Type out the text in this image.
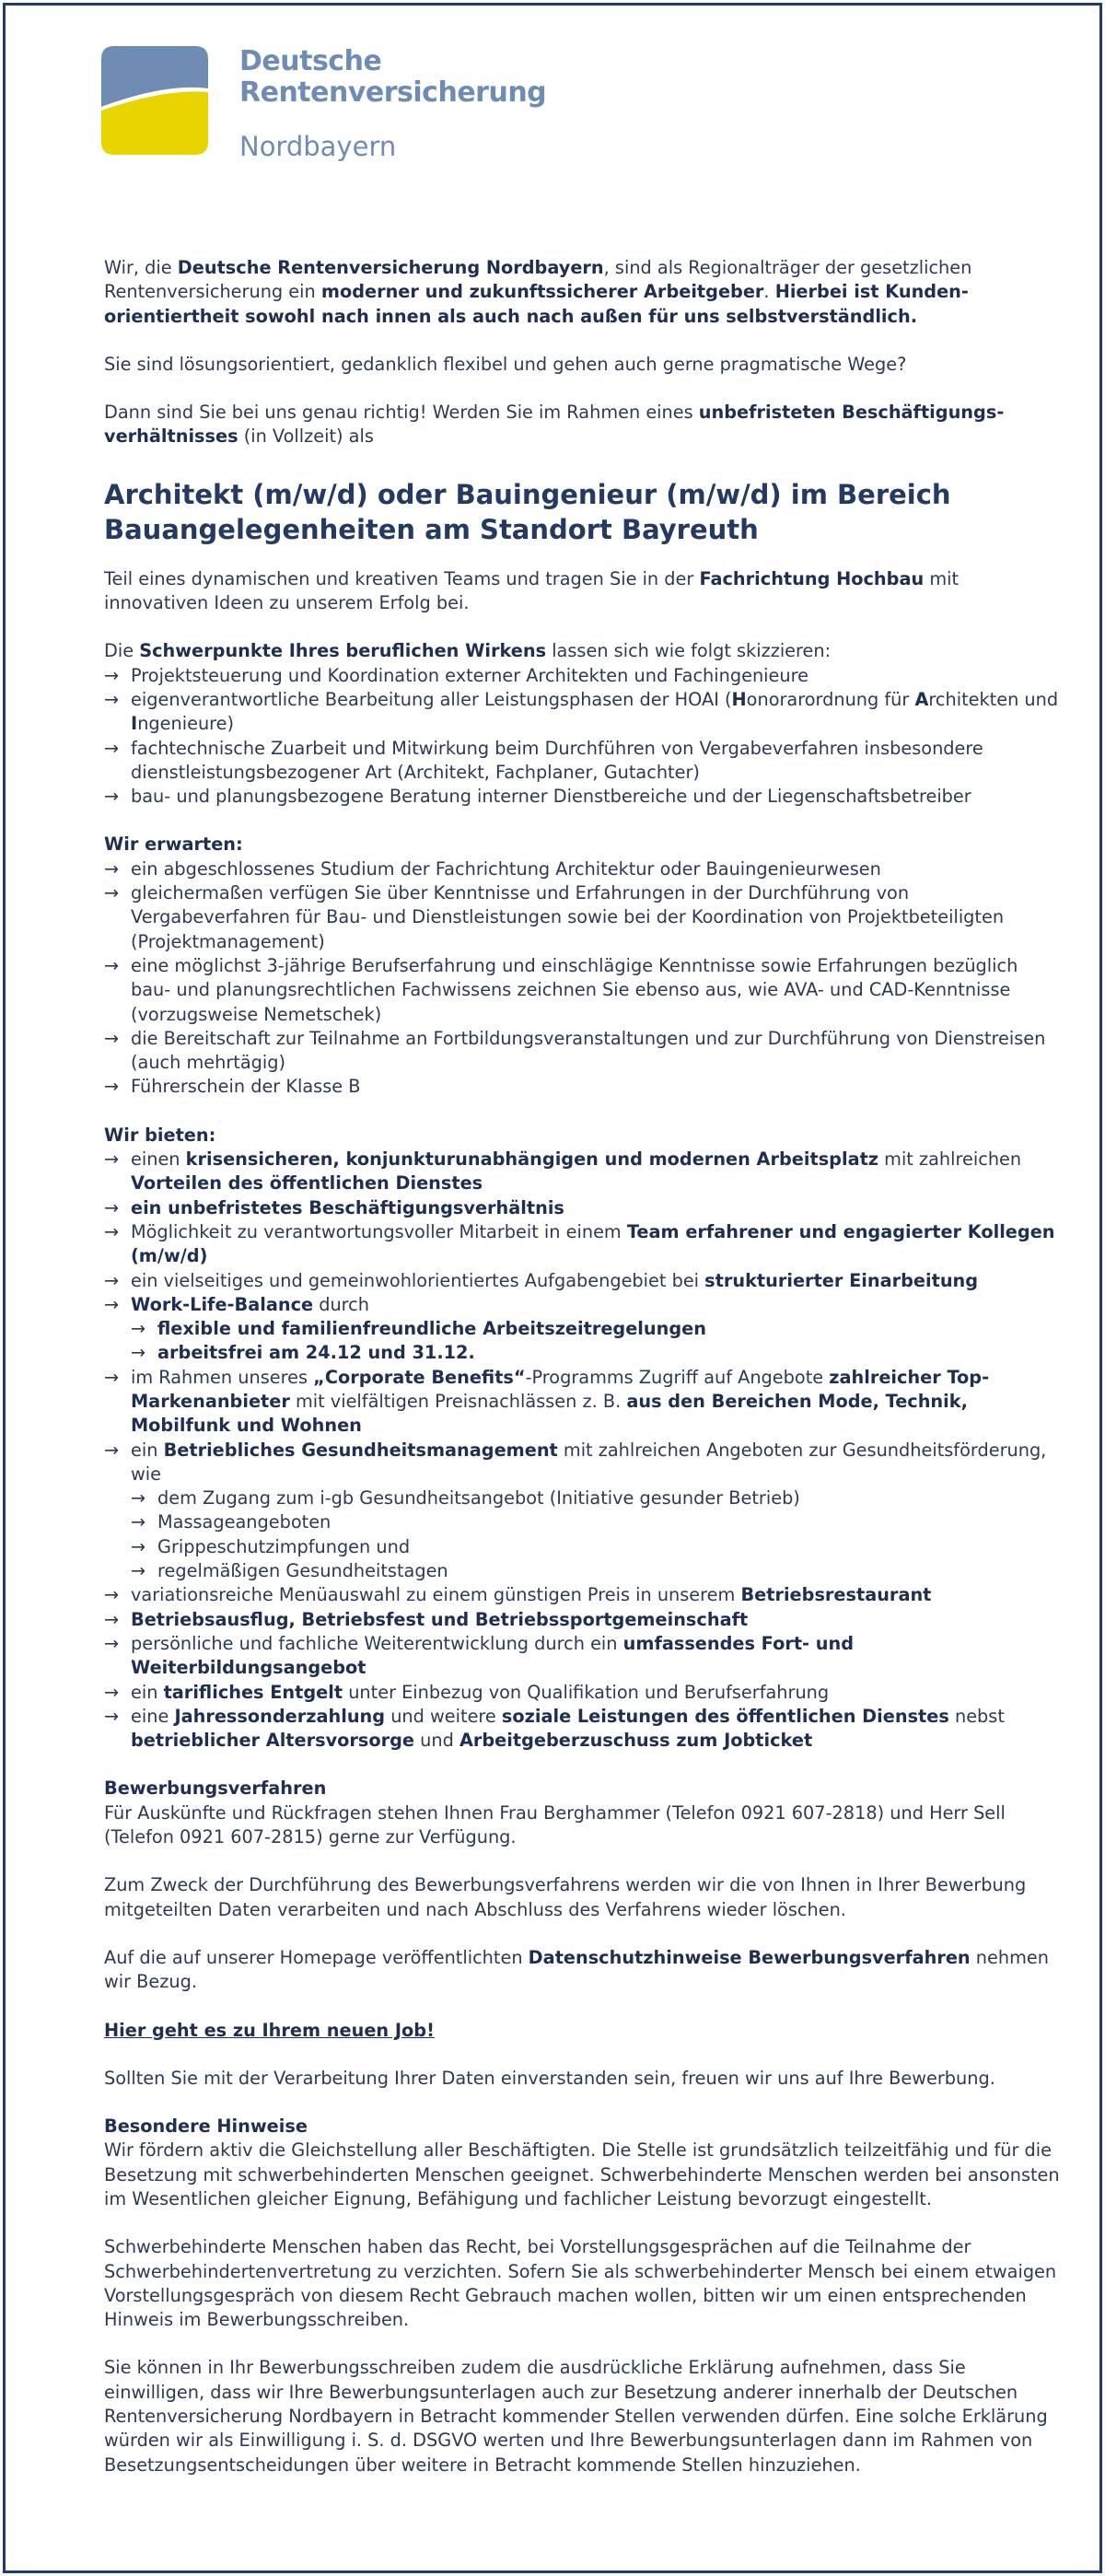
Deutsche
Rentenversicherung
Nordbayern

Wir, die Deutsche Rentenversicherung Nordbayern, sind als Regionalträger der gesetzlichen Rentenversicherung ein moderner und zukunftssicherer Arbeitgeber. Hierbei ist Kundenorientiertheit sowohl nach innen als auch nach außen für uns selbstverständlich.

Sie sind lösungsorientiert, gedanklich flexibel und gehen auch gerne pragmatische Wege?

Dann sind Sie bei uns genau richtig! Werden Sie im Rahmen eines unbefristeten Beschäftigungsverhältnisses (in Vollzeit) als

Architekt (m/w/d) oder Bauingenieur (m/w/d) im Bereich Bauangelegenheiten am Standort Bayreuth

Teil eines dynamischen und kreativen Teams und tragen Sie in der Fachrichtung Hochbau mit innovativen Ideen zu unserem Erfolg bei.

Die Schwerpunkte Ihres beruflichen Wirkens lassen sich wie folgt skizzieren:

→ Projektsteuerung und Koordination externer Architekten und Fachingenieure
→ eigenverantwortliche Bearbeitung aller Leistungsphasen der HOAI (Honorarordnung für Architekten und Ingenieure)
→ fachtechnische Zuarbeit und Mitwirkung beim Durchführen von Vergabeverfahren insbesondere dienstleistungsbezogener Art (Architekt, Fachplaner, Gutachter)
→ bau- und planungsbezogene Beratung interner Dienstbereiche und der Liegenschaftsbetreiber

Wir erwarten:

→ ein abgeschlossenes Studium der Fachrichtung Architektur oder Bauingenieurwesen
→ gleichermaßen verfügen Sie über Kenntnisse und Erfahrungen in der Durchführung von Vergabeverfahren für Bau- und Dienstleistungen sowie bei der Koordination von Projektbeteiligten (Projektmanagement)
→ eine möglichst 3-jährige Berufserfahrung und einschlägige Kenntnisse sowie Erfahrungen bezüglich bau- und planungsrechtlichen Fachwissens zeichnen Sie ebenso aus, wie AVA- und CAD-Kenntnisse (vorzugsweise Nemetschek)
→ die Bereitschaft zur Teilnahme an Fortbildungsveranstaltungen und zur Durchführung von Dienstreisen (auch mehrtägig)
→ Führerschein der Klasse B

Wir bieten:

→ einen krisensicheren, konjunkturunabhängigen und modernen Arbeitsplatz mit zahlreichen Vorteilen des öffentlichen Dienstes
→ ein unbefristetes Beschäftigungsverhältnis
→ Möglichkeit zu verantwortungsvoller Mitarbeit in einem Team erfahrener und engagierter Kollegen (m/w/d)
→ ein vielseitiges und gemeinwohlorientiertes Aufgabengebiet bei strukturierter Einarbeitung
→ Work-Life-Balance durch
→ flexible und familienfreundliche Arbeitszeitregelungen
→ arbeitsfrei am 24.12 und 31.12.
→ im Rahmen unseres „Corporate Benefits“-Programms Zugriff auf Angebote zahlreicher Top-Markenanbieter mit vielfältigen Preisnachlässen z. B. aus den Bereichen Mode, Technik, Mobilfunk und Wohnen
→ ein Betriebliches Gesundheitsmanagement mit zahlreichen Angeboten zur Gesundheitsförderung, wie
→ dem Zugang zum i-gb Gesundheitsangebot (Initiative gesunder Betrieb)
→ Massageangeboten
→ Grippeschutzimpfungen und
→ regelmäßigen Gesundheitstagen
→ variationsreiche Menüauswahl zu einem günstigen Preis in unserem Betriebsrestaurant
→ Betriebsausflug, Betriebsfest und Betriebssportgemeinschaft
→ persönliche und fachliche Weiterentwicklung durch ein umfassendes Fort- und Weiterbildungsangebot
→ ein tarifliches Entgelt unter Einbezug von Qualifikation und Berufserfahrung
→ eine Jahressonderzahlung und weitere soziale Leistungen des öffentlichen Dienstes nebst betrieblicher Altersvorsorge und Arbeitgeberzuschuss zum Jobticket

Bewerbungsverfahren

Für Auskünfte und Rückfragen stehen Ihnen Frau Berghammer (Telefon 0921 607-2818) und Herr Sell (Telefon 0921 607-2815) gerne zur Verfügung.

Zum Zweck der Durchführung des Bewerbungsverfahrens werden wir die von Ihnen in Ihrer Bewerbung mitgeteilten Daten verarbeiten und nach Abschluss des Verfahrens wieder löschen.

Auf die auf unserer Homepage veröffentlichten Datenschutzhinweise Bewerbungsverfahren nehmen wir Bezug.

Hier geht es zu Ihrem neuen Job!

Sollten Sie mit der Verarbeitung Ihrer Daten einverstanden sein, freuen wir uns auf Ihre Bewerbung.

Besondere Hinweise

Wir fördern aktiv die Gleichstellung aller Beschäftigten. Die Stelle ist grundsätzlich teilzeitfähig und für die Besetzung mit schwerbehinderten Menschen geeignet. Schwerbehinderte Menschen werden bei ansonsten im Wesentlichen gleicher Eignung, Befähigung und fachlicher Leistung bevorzugt eingestellt.

Schwerbehinderte Menschen haben das Recht, bei Vorstellungsgesprächen auf die Teilnahme der Schwerbehindertenvertretung zu verzichten. Sofern Sie als schwerbehinderter Mensch bei einem etwaigen Vorstellungsgespräch von diesem Recht Gebrauch machen wollen, bitten wir um einen entsprechenden Hinweis im Bewerbungsschreiben.

Sie können in Ihr Bewerbungsschreiben zudem die ausdrückliche Erklärung aufnehmen, dass Sie einwilligen, dass wir Ihre Bewerbungsunterlagen auch zur Besetzung anderer innerhalb der Deutschen Rentenversicherung Nordbayern in Betracht kommender Stellen verwenden dürfen. Eine solche Erklärung würden wir als Einwilligung i. S. d. DSGVO werten und Ihre Bewerbungsunterlagen dann im Rahmen von Besetzungsentscheidungen über weitere in Betracht kommende Stellen hinzuziehen.
